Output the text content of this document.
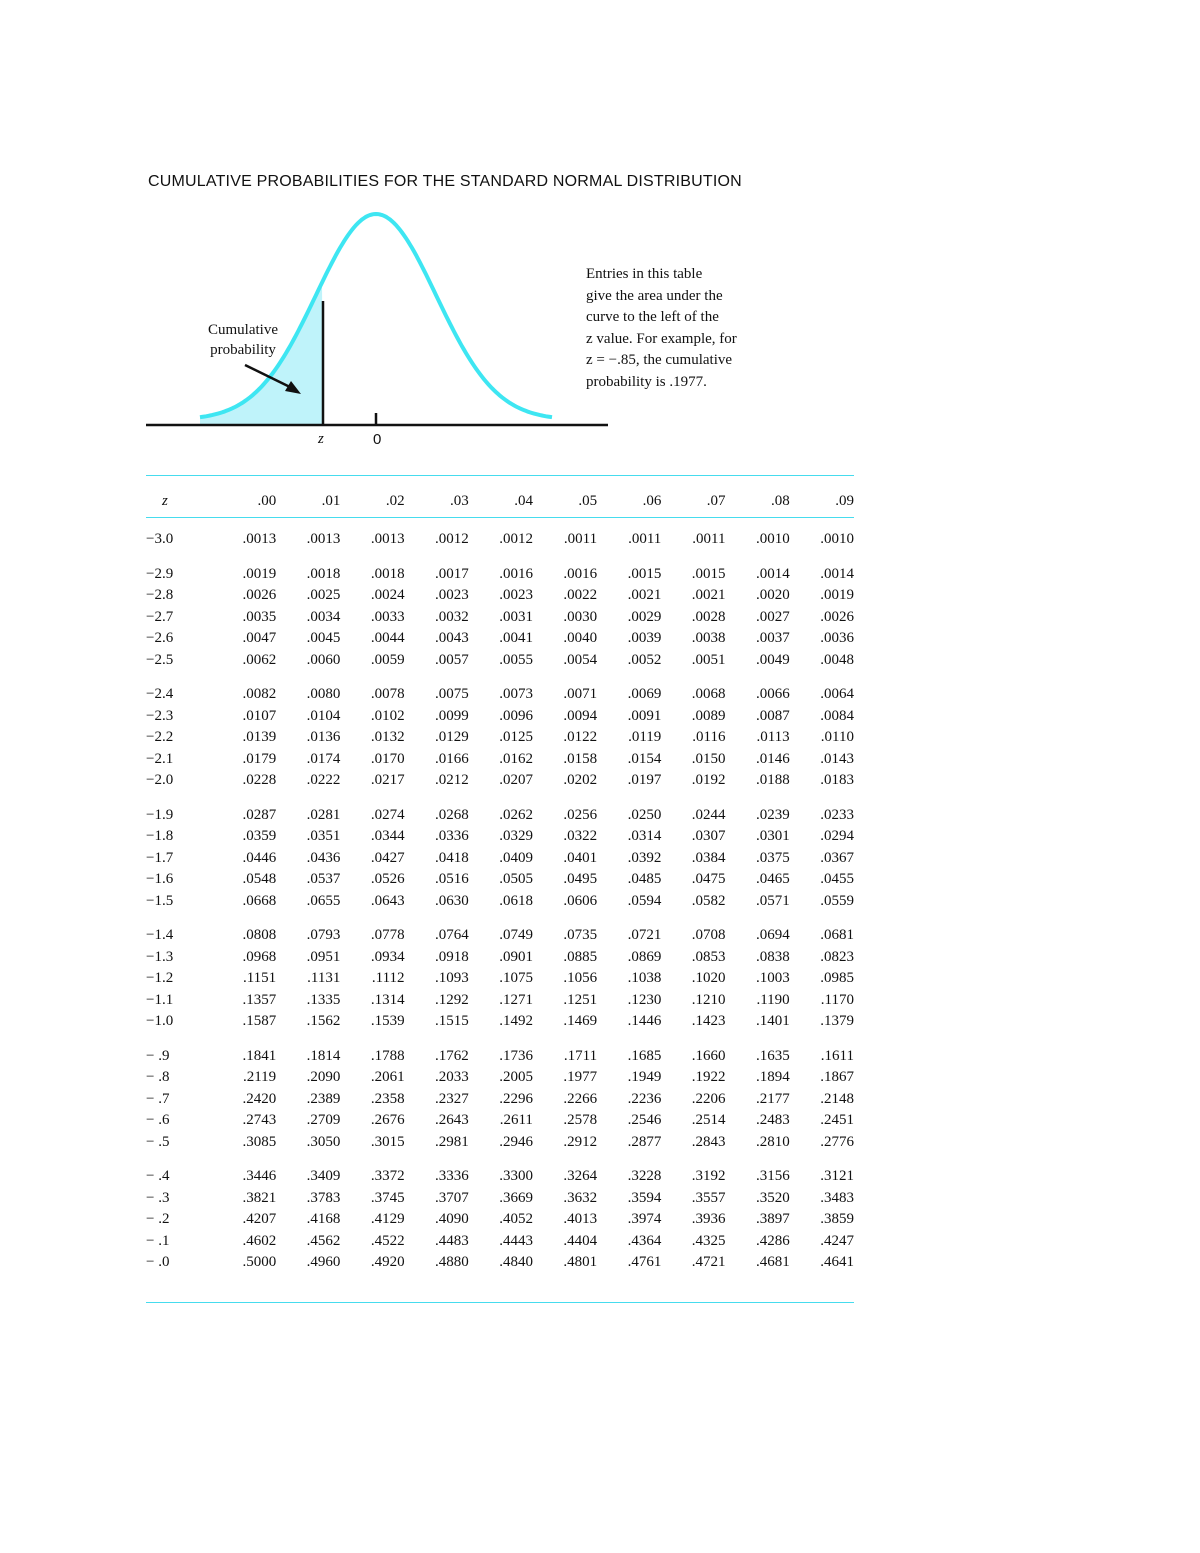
CUMULATIVE PROBABILITIES FOR THE STANDARD NORMAL DISTRIBUTION
Cumulative
probability
z	0

Entries in this table

give the area under the

curve to the left of the

z value. For example, for

z = −.85, the cumulative

probability is .1977.

z	.00	.01	.02	.03	.04	.05	.06	.07	.08	.09

−3.0	.0013	.0013	.0013	.0012	.0012	.0011	.0011	.0011	.0010	.0010

−2.9	.0019	.0018	.0018	.0017	.0016	.0016	.0015	.0015	.0014	.0014
−2.8	.0026	.0025	.0024	.0023	.0023	.0022	.0021	.0021	.0020	.0019
−2.7	.0035	.0034	.0033	.0032	.0031	.0030	.0029	.0028	.0027	.0026
−2.6	.0047	.0045	.0044	.0043	.0041	.0040	.0039	.0038	.0037	.0036
−2.5	.0062	.0060	.0059	.0057	.0055	.0054	.0052	.0051	.0049	.0048

−2.4	.0082	.0080	.0078	.0075	.0073	.0071	.0069	.0068	.0066	.0064
−2.3	.0107	.0104	.0102	.0099	.0096	.0094	.0091	.0089	.0087	.0084
−2.2	.0139	.0136	.0132	.0129	.0125	.0122	.0119	.0116	.0113	.0110
−2.1	.0179	.0174	.0170	.0166	.0162	.0158	.0154	.0150	.0146	.0143
−2.0	.0228	.0222	.0217	.0212	.0207	.0202	.0197	.0192	.0188	.0183

−1.9	.0287	.0281	.0274	.0268	.0262	.0256	.0250	.0244	.0239	.0233
−1.8	.0359	.0351	.0344	.0336	.0329	.0322	.0314	.0307	.0301	.0294
−1.7	.0446	.0436	.0427	.0418	.0409	.0401	.0392	.0384	.0375	.0367
−1.6	.0548	.0537	.0526	.0516	.0505	.0495	.0485	.0475	.0465	.0455
−1.5	.0668	.0655	.0643	.0630	.0618	.0606	.0594	.0582	.0571	.0559

−1.4	.0808	.0793	.0778	.0764	.0749	.0735	.0721	.0708	.0694	.0681
−1.3	.0968	.0951	.0934	.0918	.0901	.0885	.0869	.0853	.0838	.0823
−1.2	.1151	.1131	.1112	.1093	.1075	.1056	.1038	.1020	.1003	.0985
−1.1	.1357	.1335	.1314	.1292	.1271	.1251	.1230	.1210	.1190	.1170
−1.0	.1587	.1562	.1539	.1515	.1492	.1469	.1446	.1423	.1401	.1379

− .9	.1841	.1814	.1788	.1762	.1736	.1711	.1685	.1660	.1635	.1611
− .8	.2119	.2090	.2061	.2033	.2005	.1977	.1949	.1922	.1894	.1867
− .7	.2420	.2389	.2358	.2327	.2296	.2266	.2236	.2206	.2177	.2148
− .6	.2743	.2709	.2676	.2643	.2611	.2578	.2546	.2514	.2483	.2451
− .5	.3085	.3050	.3015	.2981	.2946	.2912	.2877	.2843	.2810	.2776

− .4	.3446	.3409	.3372	.3336	.3300	.3264	.3228	.3192	.3156	.3121
− .3	.3821	.3783	.3745	.3707	.3669	.3632	.3594	.3557	.3520	.3483
− .2	.4207	.4168	.4129	.4090	.4052	.4013	.3974	.3936	.3897	.3859
− .1	.4602	.4562	.4522	.4483	.4443	.4404	.4364	.4325	.4286	.4247
− .0	.5000	.4960	.4920	.4880	.4840	.4801	.4761	.4721	.4681	.4641
